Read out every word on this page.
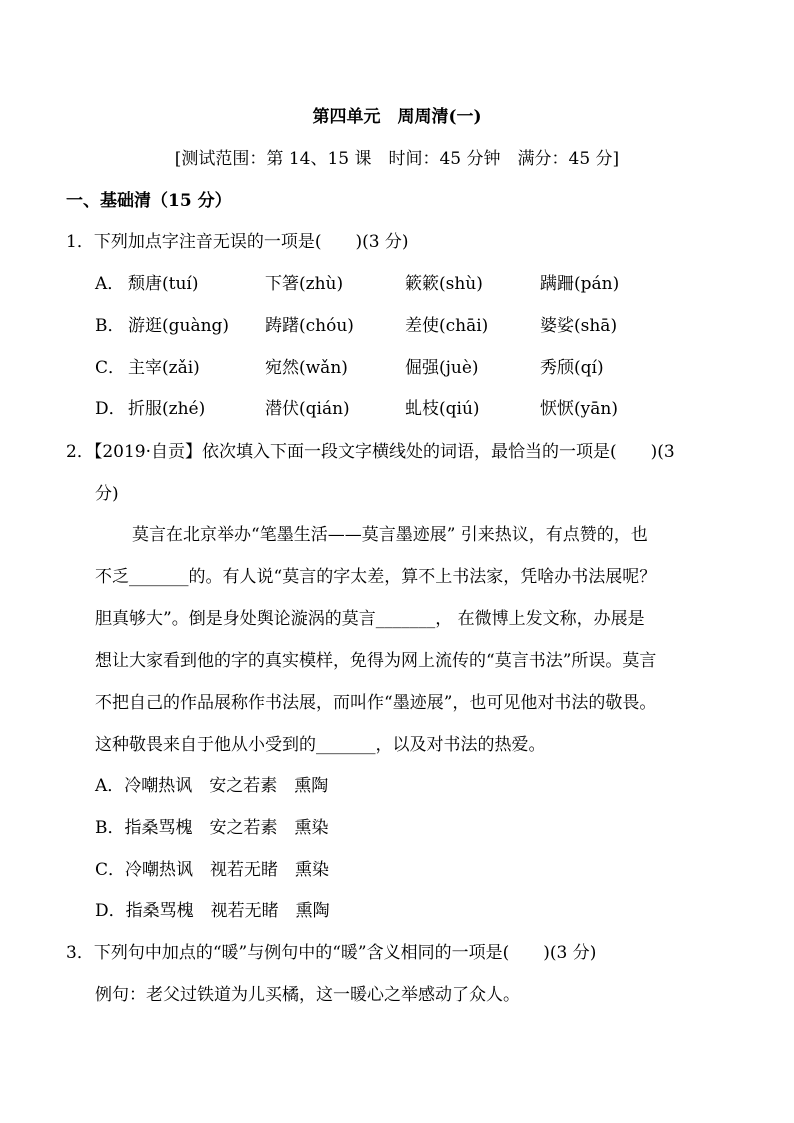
第四单元　周周清(一)
[测试范围：第 14、15 课　时间：45 分钟　满分：45 分]
一、基础清（15 分）
1．下列加点字注音无误的一项是(　　)(3 分)
A． 颓唐(tuí)	下箸(zhù)	簌簌(shù)	蹒跚(pán)
B． 游逛(guàng) 踌躇(chóu)	差使(chāi)	婆娑(shā)
C． 主宰(zǎi)	宛然(wǎn)	倔强(juè)	秀颀(qí)
D． 折服(zhé)	潜伏(qián)	虬枝(qiú)	恹恹(yān)
2．【2019·自贡】依次填入下面一段文字横线处的词语，最恰当的一项是(　　)(3
分)
莫言在北京举办“笔墨生活——莫言墨迹展” 引来热议，有点赞的，也
不乏_______的。有人说“莫言的字太差，算不上书法家，凭啥办书法展呢？
胆真够大”。倒是身处舆论漩涡的莫言_______， 在微博上发文称，办展是
想让大家看到他的字的真实模样，免得为网上流传的“莫言书法”所误。莫言
不把自己的作品展称作书法展，而叫作“墨迹展”，也可见他对书法的敬畏。
这种敬畏来自于他从小受到的_______，以及对书法的热爱。
A．冷嘲热讽　安之若素　熏陶
B．指桑骂槐　安之若素　熏染
C．冷嘲热讽　视若无睹　熏染
D．指桑骂槐　视若无睹　熏陶
3．下列句中加点的“暖”与例句中的“暖”含义相同的一项是(　　)(3 分)
例句：老父过铁道为儿买橘，这一暖心之举感动了众人。
